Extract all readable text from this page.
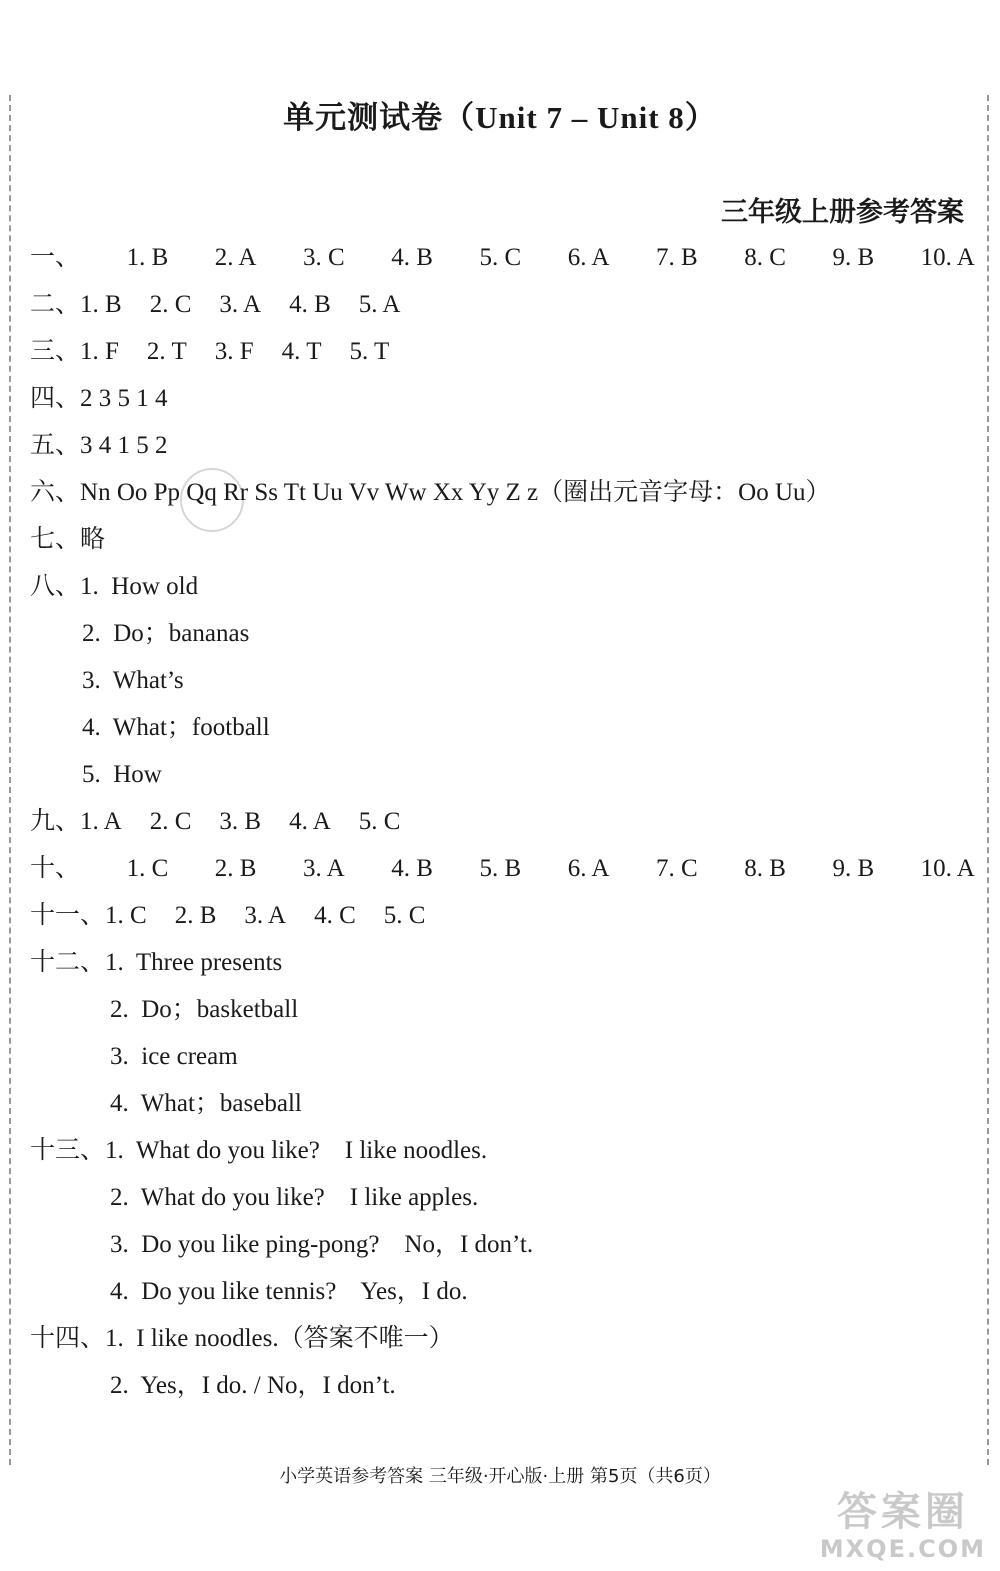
单元测试卷（Unit 7 – Unit 8）
三年级上册参考答案
一、 1. B 2. A 3. C 4. B 5. C 6. A 7. B 8. C 9. B 10. A
二、1. B 2. C 3. A 4. B 5. A
三、1. F 2. T 3. F 4. T 5. T
四、2 3 5 1 4
五、3 4 1 5 2
六、Nn Oo Pp Qq Rr Ss Tt Uu Vv Ww Xx Yy Z z（圈出元音字母：Oo Uu）
七、略
八、1.  How old
2.  Do；bananas
3.  What’s
4.  What；football
5.  How
九、1. A 2. C 3. B 4. A 5. C
十、 1. C 2. B 3. A 4. B 5. B 6. A 7. C 8. B 9. B 10. A
十一、1. C 2. B 3. A 4. C 5. C
十二、1.  Three presents
2.  Do；basketball
3.  ice cream
4.  What；baseball
十三、1.  What do you like?    I like noodles.
2.  What do you like?    I like apples.
3.  Do you like ping-pong?    No，I don’t.
4.  Do you like tennis?    Yes，I do.
十四、1.  I like noodles.（答案不唯一）
2.  Yes，I do. / No，I don’t.
小学英语参考答案 三年级·开心版·上册 第5页（共6页）
答案圈
MXQE.COM
